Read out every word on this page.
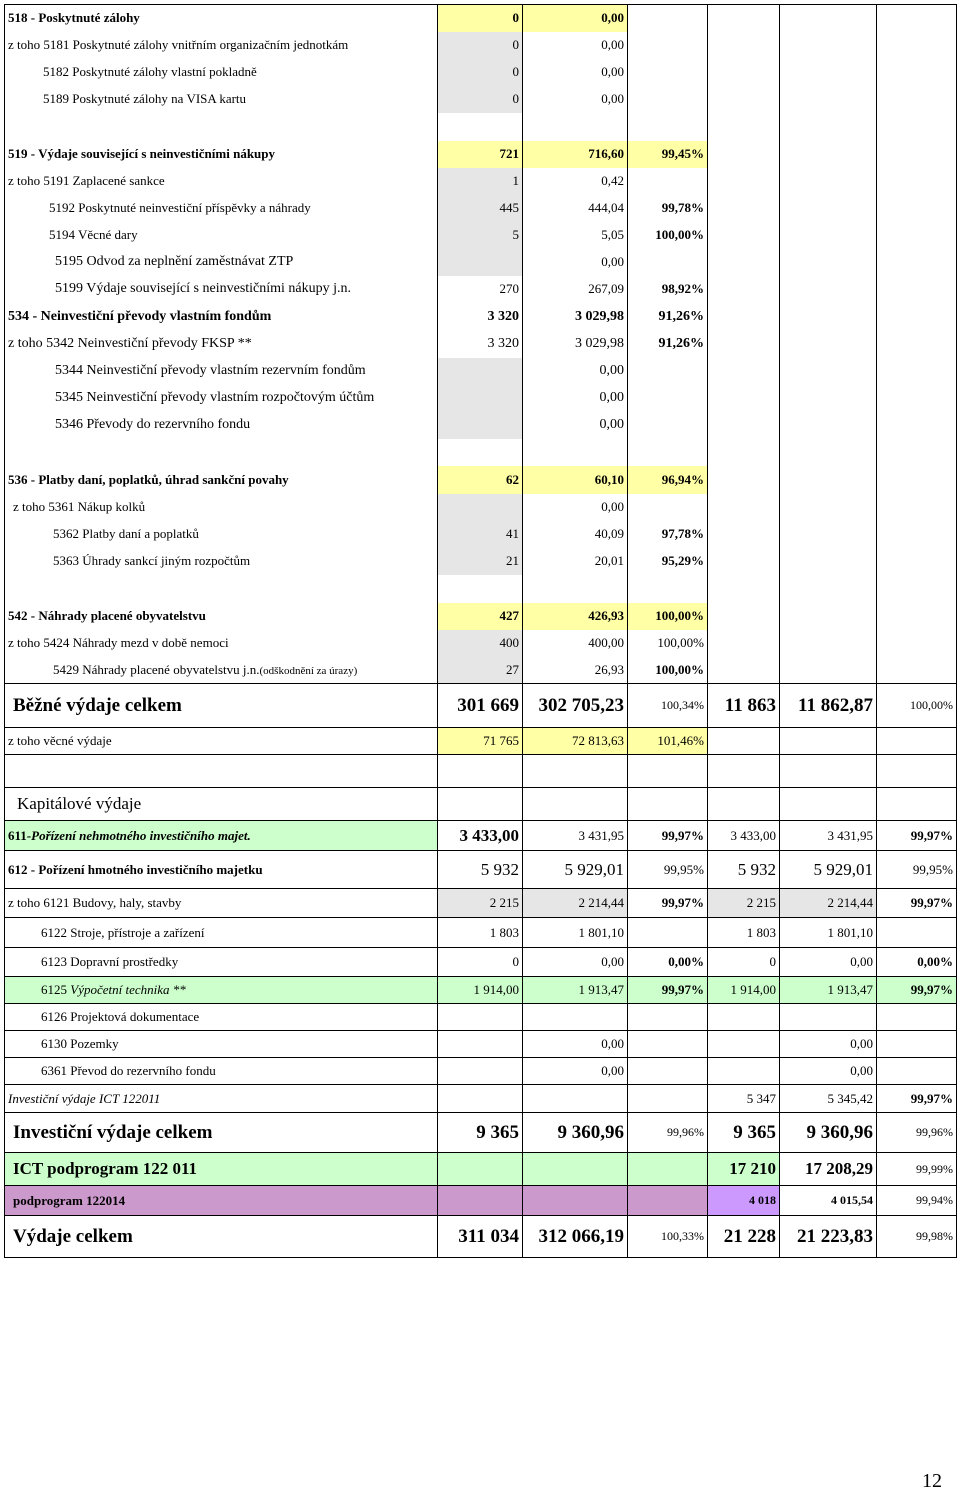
518 - Poskytnuté zálohy	0	0,00				
z toho 5181 Poskytnuté zálohy vnitřním organizačním jednotkám	0	0,00				
5182 Poskytnuté zálohy vlastní pokladně	0	0,00				
5189 Poskytnuté zálohy na VISA kartu	0	0,00				

519 - Výdaje související s neinvestičními nákupy	721	716,60	99,45%			
z toho 5191 Zaplacené sankce	1	0,42				
5192 Poskytnuté neinvestiční příspěvky a náhrady	445	444,04	99,78%			
5194 Věcné dary	5	5,05	100,00%			
5195 Odvod za neplnění zaměstnávat ZTP		0,00				
5199 Výdaje související s neinvestičními nákupy j.n.	270	267,09	98,92%			
534 - Neinvestiční převody vlastním fondům	3 320	3 029,98	91,26%			
z toho 5342 Neinvestiční převody FKSP **	3 320	3 029,98	91,26%			
5344 Neinvestiční převody vlastním rezervním fondům		0,00				
5345 Neinvestiční převody vlastním rozpočtovým účtům		0,00				
5346 Převody do rezervního fondu		0,00				

536 - Platby daní, poplatků, úhrad sankční povahy	62	60,10	96,94%			
z toho 5361 Nákup kolků		0,00				
5362 Platby daní a poplatků	41	40,09	97,78%			
5363 Úhrady sankcí jiným rozpočtům	21	20,01	95,29%			

542 - Náhrady placené obyvatelstvu	427	426,93	100,00%			
z toho 5424 Náhrady mezd v době nemoci	400	400,00	100,00%			
5429 Náhrady placené obyvatelstvu j.n.(odškodnění za úrazy)	27	26,93	100,00%			
Běžné výdaje celkem	301 669	302 705,23	100,34%	11 863	11 862,87	100,00%
z toho věcné výdaje	71 765	72 813,63	101,46%			

Kapitálové výdaje						
611-Pořízení nehmotného investičního majet.	3 433,00	3 431,95	99,97%	3 433,00	3 431,95	99,97%
612 - Pořízení hmotného investičního majetku	5 932	5 929,01	99,95%	5 932	5 929,01	99,95%
z toho 6121 Budovy, haly, stavby	2 215	2 214,44	99,97%	2 215	2 214,44	99,97%
6122 Stroje, přístroje a zařízení	1 803	1 801,10		1 803	1 801,10	
6123 Dopravní prostředky	0	0,00	0,00%	0	0,00	0,00%
6125 Výpočetní technika **	1 914,00	1 913,47	99,97%	1 914,00	1 913,47	99,97%
6126 Projektová dokumentace						
6130 Pozemky		0,00			0,00	
6361 Převod do rezervního fondu		0,00			0,00	
Investiční výdaje ICT 122011				5 347	5 345,42	99,97%
Investiční výdaje celkem	9 365	9 360,96	99,96%	9 365	9 360,96	99,96%
ICT podprogram 122 011				17 210	17 208,29	99,99%
podprogram 122014				4 018	4 015,54	99,94%
Výdaje celkem	311 034	312 066,19	100,33%	21 228	21 223,83	99,98%
12
